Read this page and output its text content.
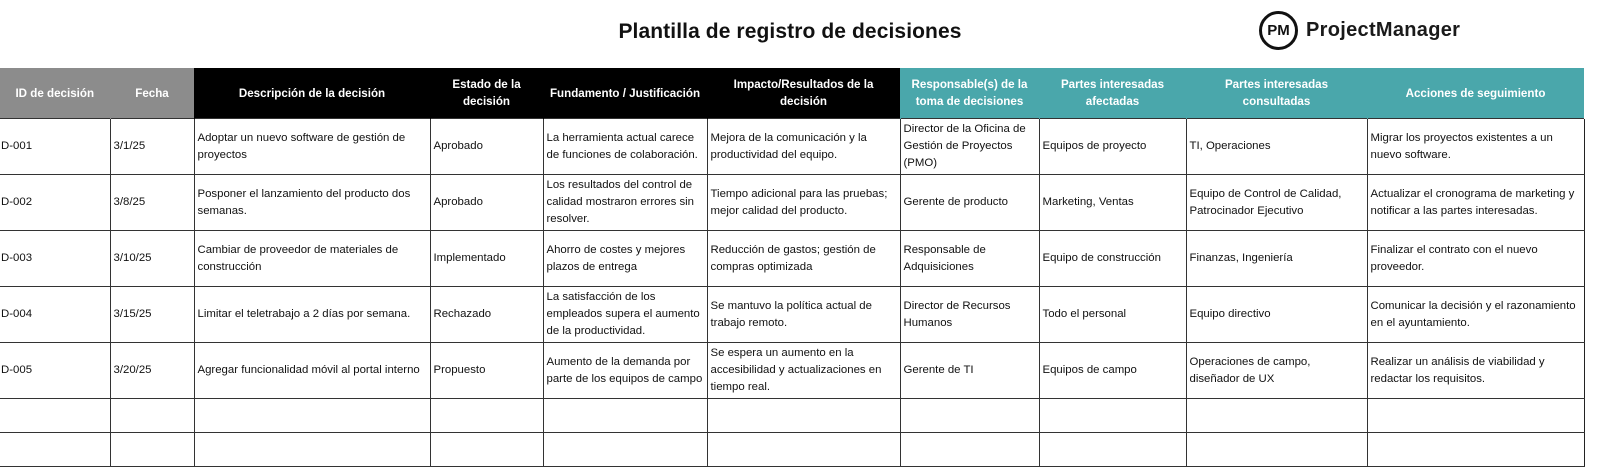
Plantilla de registro de decisiones	PM ProjectManager
ID de decisión	Fecha	Descripción de la decisión	Estado de la decisión	Fundamento / Justificación	Impacto/Resultados de la decisión	Responsable(s) de la toma de decisiones	Partes interesadas afectadas	Partes interesadas consultadas	Acciones de seguimiento
D-001	3/1/25	Adoptar un nuevo software de gestión de proyectos	Aprobado	La herramienta actual carece de funciones de colaboración.	Mejora de la comunicación y la productividad del equipo.	Director de la Oficina de Gestión de Proyectos (PMO)	Equipos de proyecto	TI, Operaciones	Migrar los proyectos existentes a un nuevo software.
D-002	3/8/25	Posponer el lanzamiento del producto dos semanas.	Aprobado	Los resultados del control de calidad mostraron errores sin resolver.	Tiempo adicional para las pruebas; mejor calidad del producto.	Gerente de producto	Marketing, Ventas	Equipo de Control de Calidad, Patrocinador Ejecutivo	Actualizar el cronograma de marketing y notificar a las partes interesadas.
D-003	3/10/25	Cambiar de proveedor de materiales de construcción	Implementado	Ahorro de costes y mejores plazos de entrega	Reducción de gastos; gestión de compras optimizada	Responsable de Adquisiciones	Equipo de construcción	Finanzas, Ingeniería	Finalizar el contrato con el nuevo proveedor.
D-004	3/15/25	Limitar el teletrabajo a 2 días por semana.	Rechazado	La satisfacción de los empleados supera el aumento de la productividad.	Se mantuvo la política actual de trabajo remoto.	Director de Recursos Humanos	Todo el personal	Equipo directivo	Comunicar la decisión y el razonamiento en el ayuntamiento.
D-005	3/20/25	Agregar funcionalidad móvil al portal interno	Propuesto	Aumento de la demanda por parte de los equipos de campo	Se espera un aumento en la accesibilidad y actualizaciones en tiempo real.	Gerente de TI	Equipos de campo	Operaciones de campo, diseñador de UX	Realizar un análisis de viabilidad y redactar los requisitos.
